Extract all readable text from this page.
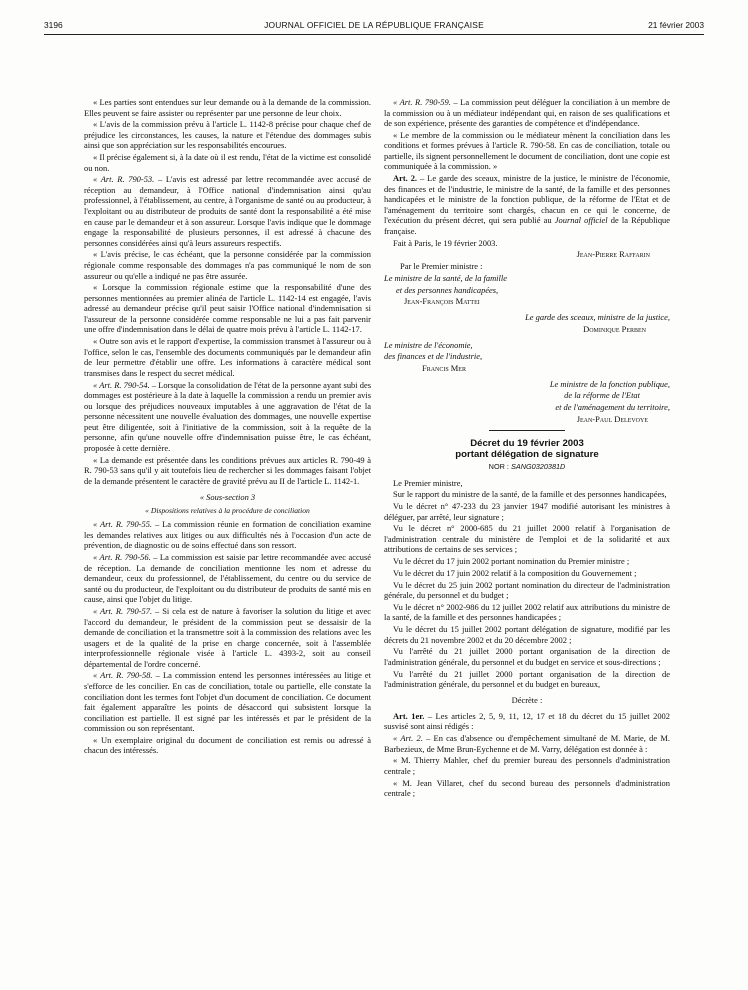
3196	JOURNAL OFFICIEL DE LA RÉPUBLIQUE FRANÇAISE	21 février 2003

« Les parties sont entendues sur leur demande ou à la demande de la commission. Elles peuvent se faire assister ou représenter par une personne de leur choix.

« L'avis de la commission prévu à l'article L. 1142-8 précise pour chaque chef de préjudice les circonstances, les causes, la nature et l'étendue des dommages subis ainsi que son appréciation sur les responsabilités encourues.

« Il précise également si, à la date où il est rendu, l'état de la victime est consolidé ou non.

« Art. R. 790-53. – L'avis est adressé par lettre recommandée avec accusé de réception au demandeur, à l'Office national d'indemnisation ainsi qu'au professionnel, à l'établissement, au centre, à l'organisme de santé ou au producteur, à l'exploitant ou au distributeur de produits de santé dont la responsabilité a été mise en cause par le demandeur et à son assureur. Lorsque l'avis indique que le dommage engage la responsabilité de plusieurs personnes, il est adressé à chacune des personnes considérées ainsi qu'à leurs assureurs respectifs.

« L'avis précise, le cas échéant, que la personne considérée par la commission régionale comme responsable des dommages n'a pas communiqué le nom de son assureur ou qu'elle a indiqué ne pas être assurée.

« Lorsque la commission régionale estime que la responsabilité d'une des personnes mentionnées au premier alinéa de l'article L. 1142-14 est engagée, l'avis adressé au demandeur précise qu'il peut saisir l'Office national d'indemnisation si l'assureur de la personne considérée comme responsable ne lui a pas fait parvenir une offre d'indemnisation dans le délai de quatre mois prévu à l'article L. 1142-17.

« Outre son avis et le rapport d'expertise, la commission transmet à l'assureur ou à l'office, selon le cas, l'ensemble des documents communiqués par le demandeur afin de leur permettre d'établir une offre. Les informations à caractère médical sont transmises dans le respect du secret médical.

« Art. R. 790-54. – Lorsque la consolidation de l'état de la personne ayant subi des dommages est postérieure à la date à laquelle la commission a rendu un premier avis ou lorsque des préjudices nouveaux imputables à une aggravation de l'état de la personne nécessitent une nouvelle évaluation des dommages, une nouvelle expertise peut être diligentée, soit à l'initiative de la commission, soit à la requête de la personne, afin qu'une nouvelle offre d'indemnisation puisse être, le cas échéant, proposée à cette dernière.

« La demande est présentée dans les conditions prévues aux articles R. 790-49 à R. 790-53 sans qu'il y ait toutefois lieu de rechercher si les dommages faisant l'objet de la demande présentent le caractère de gravité prévu au II de l'article L. 1142-1.

« Sous-section 3

« Dispositions relatives à la procédure de conciliation

« Art. R. 790-55. – La commission réunie en formation de conciliation examine les demandes relatives aux litiges ou aux difficultés nés à l'occasion d'un acte de prévention, de diagnostic ou de soins effectué dans son ressort.

« Art. R. 790-56. – La commission est saisie par lettre recommandée avec accusé de réception. La demande de conciliation mentionne les nom et adresse du demandeur, ceux du professionnel, de l'établissement, du centre ou du service de santé ou du producteur, de l'exploitant ou du distributeur de produits de santé mis en cause, ainsi que l'objet du litige.

« Art. R. 790-57. – Si cela est de nature à favoriser la solution du litige et avec l'accord du demandeur, le président de la commission peut se dessaisir de la demande de conciliation et la transmettre soit à la commission des relations avec les usagers et de la qualité de la prise en charge concernée, soit à l'assemblée interprofessionnelle régionale visée à l'article L. 4393-2, soit au conseil départemental de l'ordre concerné.

« Art. R. 790-58. – La commission entend les personnes intéressées au litige et s'efforce de les concilier. En cas de conciliation, totale ou partielle, elle constate la conciliation dont les termes font l'objet d'un document de conciliation. Ce document fait également apparaître les points de désaccord qui subsistent lorsque la conciliation est partielle. Il est signé par les intéressés et par le président de la commission ou son représentant.

« Un exemplaire original du document de conciliation est remis ou adressé à chacun des intéressés.

« Art. R. 790-59. – La commission peut déléguer la conciliation à un membre de la commission ou à un médiateur indépendant qui, en raison de ses qualifications et de son expérience, présente des garanties de compétence et d'indépendance.

« Le membre de la commission ou le médiateur mènent la conciliation dans les conditions et formes prévues à l'article R. 790-58. En cas de conciliation, totale ou partielle, ils signent personnellement le document de conciliation, dont une copie est communiquée à la commission. »

Art. 2. – Le garde des sceaux, ministre de la justice, le ministre de l'économie, des finances et de l'industrie, le ministre de la santé, de la famille et des personnes handicapées et le ministre de la fonction publique, de la réforme de l'Etat et de l'aménagement du territoire sont chargés, chacun en ce qui le concerne, de l'exécution du présent décret, qui sera publié au Journal officiel de la République française.

Fait à Paris, le 19 février 2003.

Jean-Pierre Raffarin

Par le Premier ministre :

Le ministre de la santé, de la famille

et des personnes handicapées,

Jean-François Mattei

Le garde des sceaux, ministre de la justice,

Dominique Perben

Le ministre de l'économie,

des finances et de l'industrie,

Francis Mer

Le ministre de la fonction publique,

de la réforme de l'Etat

et de l'aménagement du territoire,

Jean-Paul Delevoye

Décret du 19 février 2003

portant délégation de signature

NOR : SANG0320381D

Le Premier ministre,

Sur le rapport du ministre de la santé, de la famille et des personnes handicapées,

Vu le décret n° 47-233 du 23 janvier 1947 modifié autorisant les ministres à déléguer, par arrêté, leur signature ;

Vu le décret n° 2000-685 du 21 juillet 2000 relatif à l'organisation de l'administration centrale du ministère de l'emploi et de la solidarité et aux attributions de certains de ses services ;

Vu le décret du 17 juin 2002 portant nomination du Premier ministre ;

Vu le décret du 17 juin 2002 relatif à la composition du Gouvernement ;

Vu le décret du 25 juin 2002 portant nomination du directeur de l'administration générale, du personnel et du budget ;

Vu le décret n° 2002-986 du 12 juillet 2002 relatif aux attributions du ministre de la santé, de la famille et des personnes handicapées ;

Vu le décret du 15 juillet 2002 portant délégation de signature, modifié par les décrets du 21 novembre 2002 et du 20 décembre 2002 ;

Vu l'arrêté du 21 juillet 2000 portant organisation de la direction de l'administration générale, du personnel et du budget en service et sous-directions ;

Vu l'arrêté du 21 juillet 2000 portant organisation de la direction de l'administration générale, du personnel et du budget en bureaux,

Décrète :

Art. 1er. – Les articles 2, 5, 9, 11, 12, 17 et 18 du décret du 15 juillet 2002 susvisé sont ainsi rédigés :

« Art. 2. – En cas d'absence ou d'empêchement simultané de M. Marie, de M. Barbezieux, de Mme Brun-Eychenne et de M. Varry, délégation est donnée à :

« M. Thierry Mahler, chef du premier bureau des personnels d'administration centrale ;

« M. Jean Villaret, chef du second bureau des personnels d'administration centrale ;
